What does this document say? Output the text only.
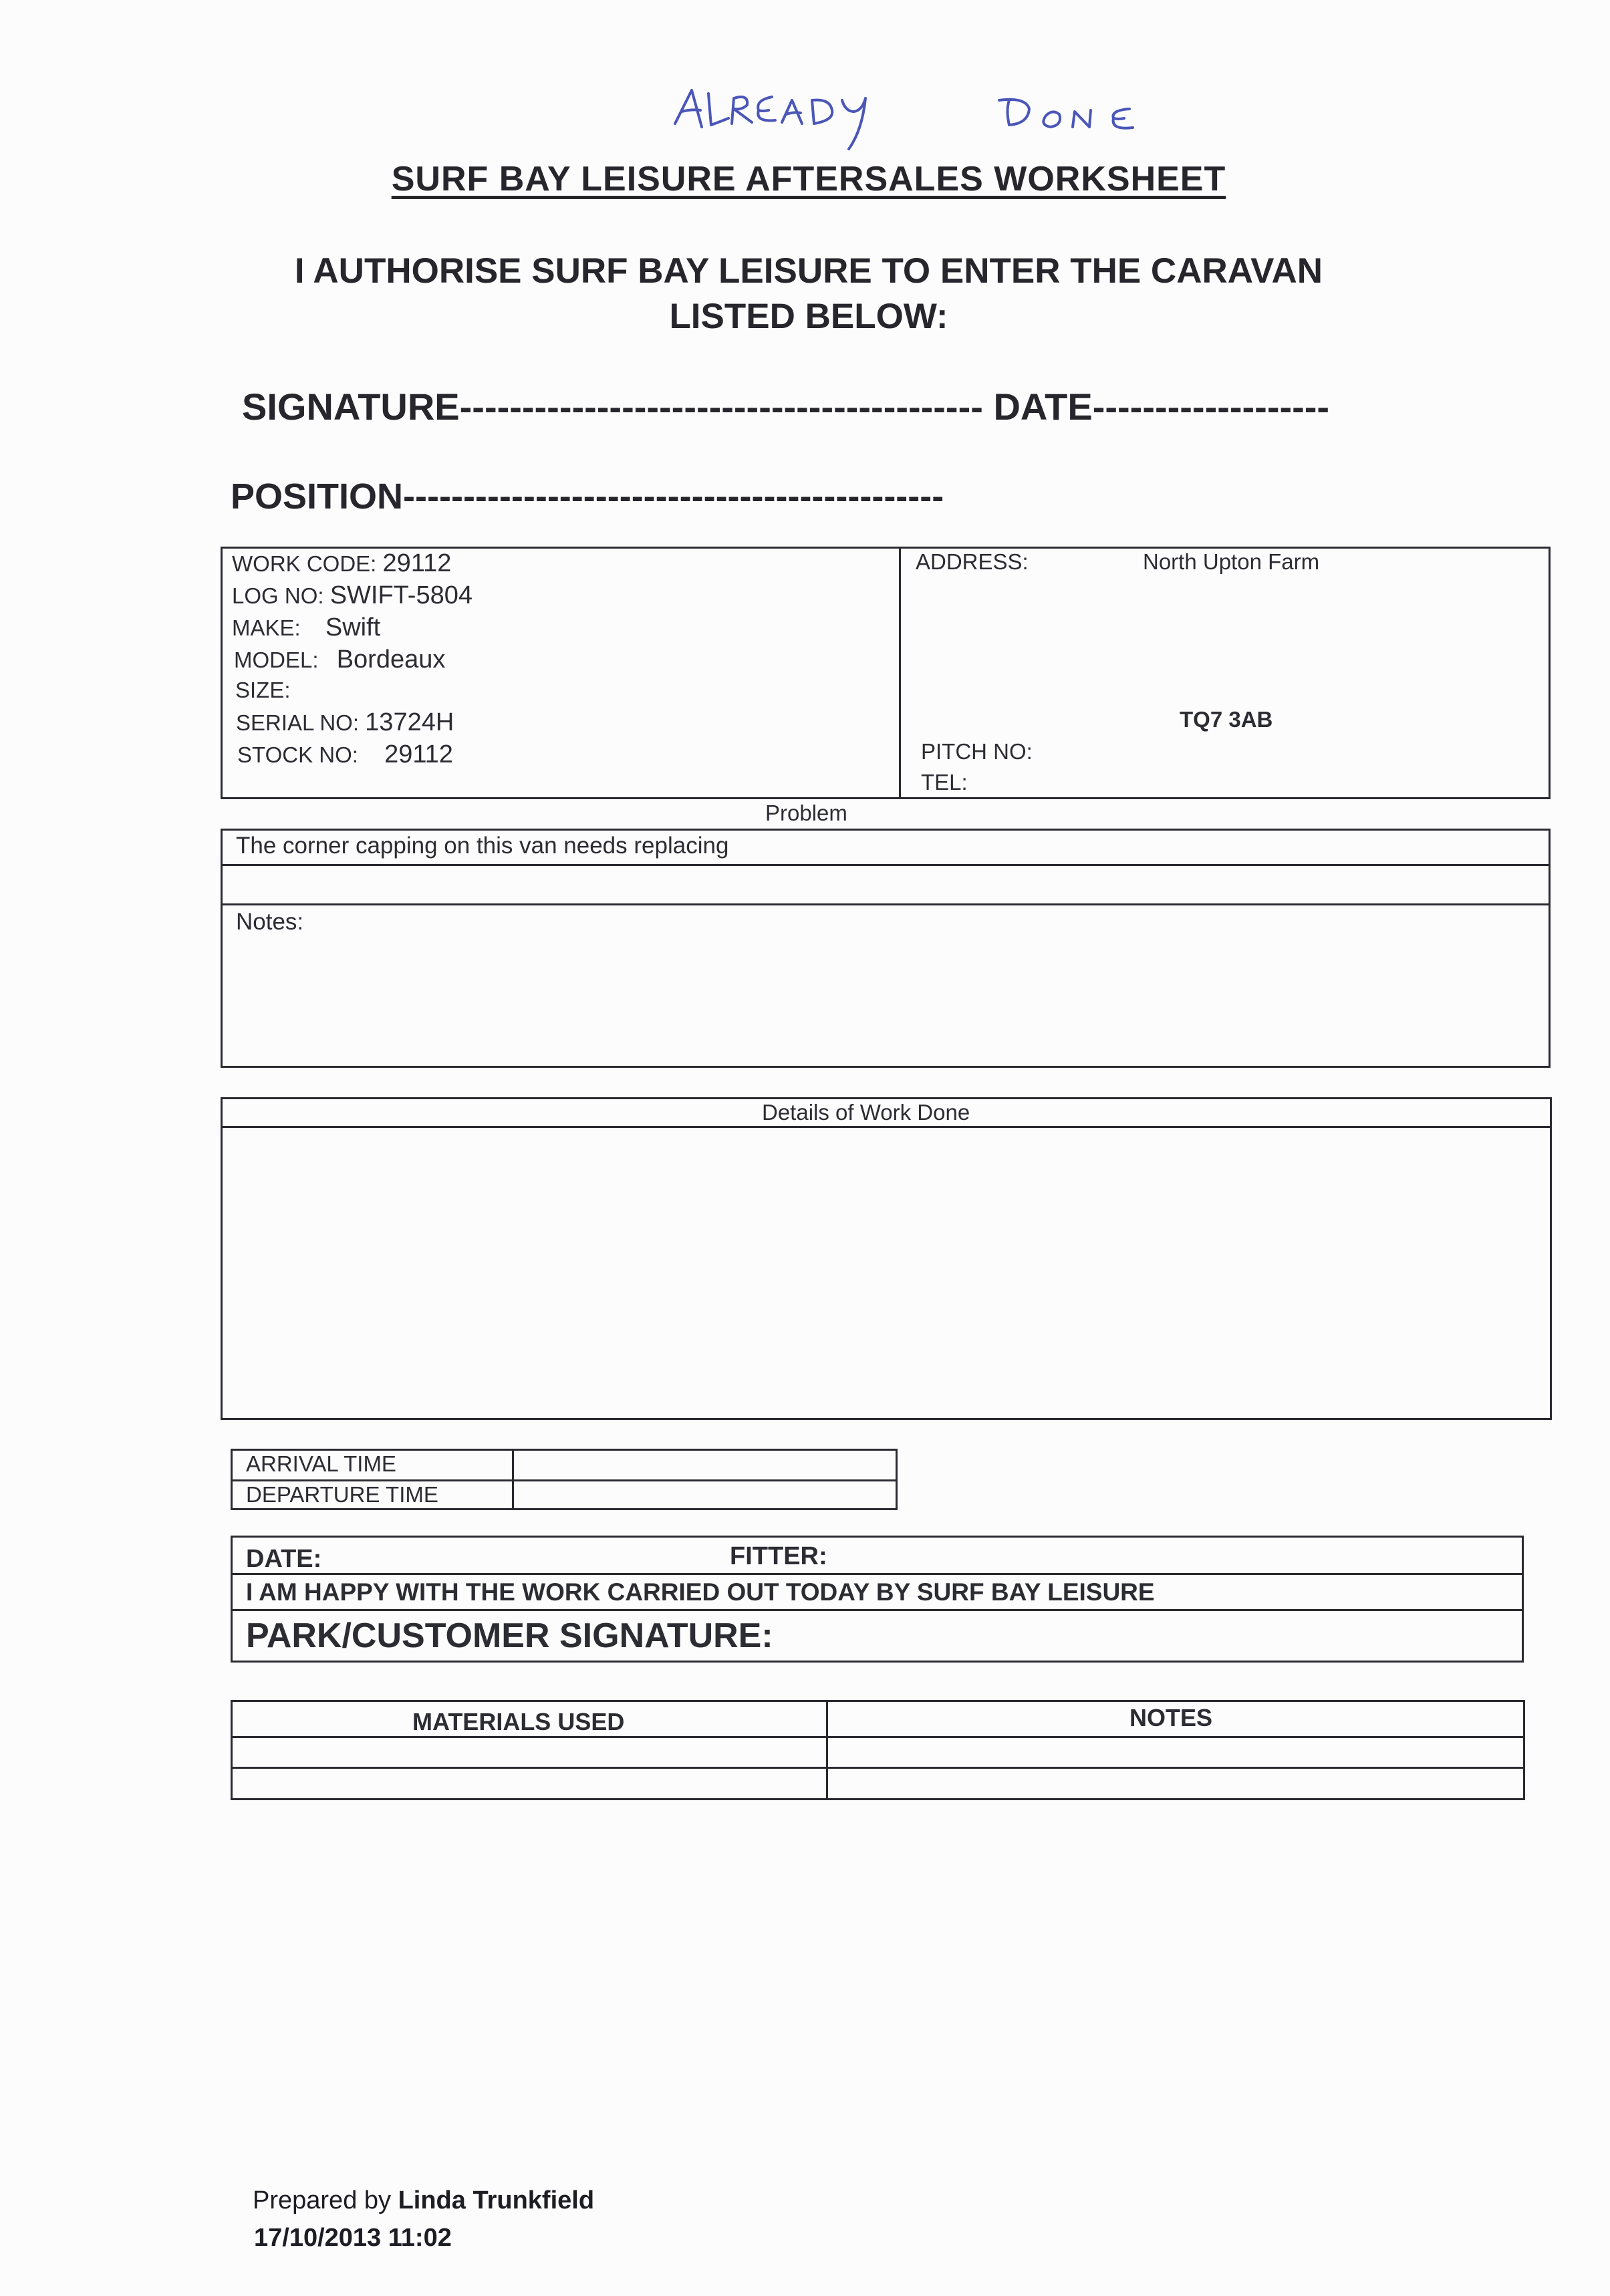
SURF BAY LEISURE AFTERSALES WORKSHEET
I AUTHORISE SURF BAY LEISURE TO ENTER THE CARAVAN
LISTED BELOW:
SIGNATURE------------------------------------------ DATE-------------------
POSITION---------------------------------------------
WORK CODE: 29112
LOG NO: SWIFT-5804
MAKE: Swift
MODEL: Bordeaux
SIZE:
SERIAL NO: 13724H
STOCK NO: 29112
ADDRESS:	North Upton Farm
TQ7 3AB
PITCH NO:
TEL:
Problem
The corner capping on this van needs replacing
Notes:
Details of Work Done
ARRIVAL TIME
DEPARTURE TIME
DATE:	FITTER:
I AM HAPPY WITH THE WORK CARRIED OUT TODAY BY SURF BAY LEISURE
PARK/CUSTOMER SIGNATURE:
MATERIALS USED	NOTES
Prepared by Linda Trunkfield
17/10/2013 11:02
